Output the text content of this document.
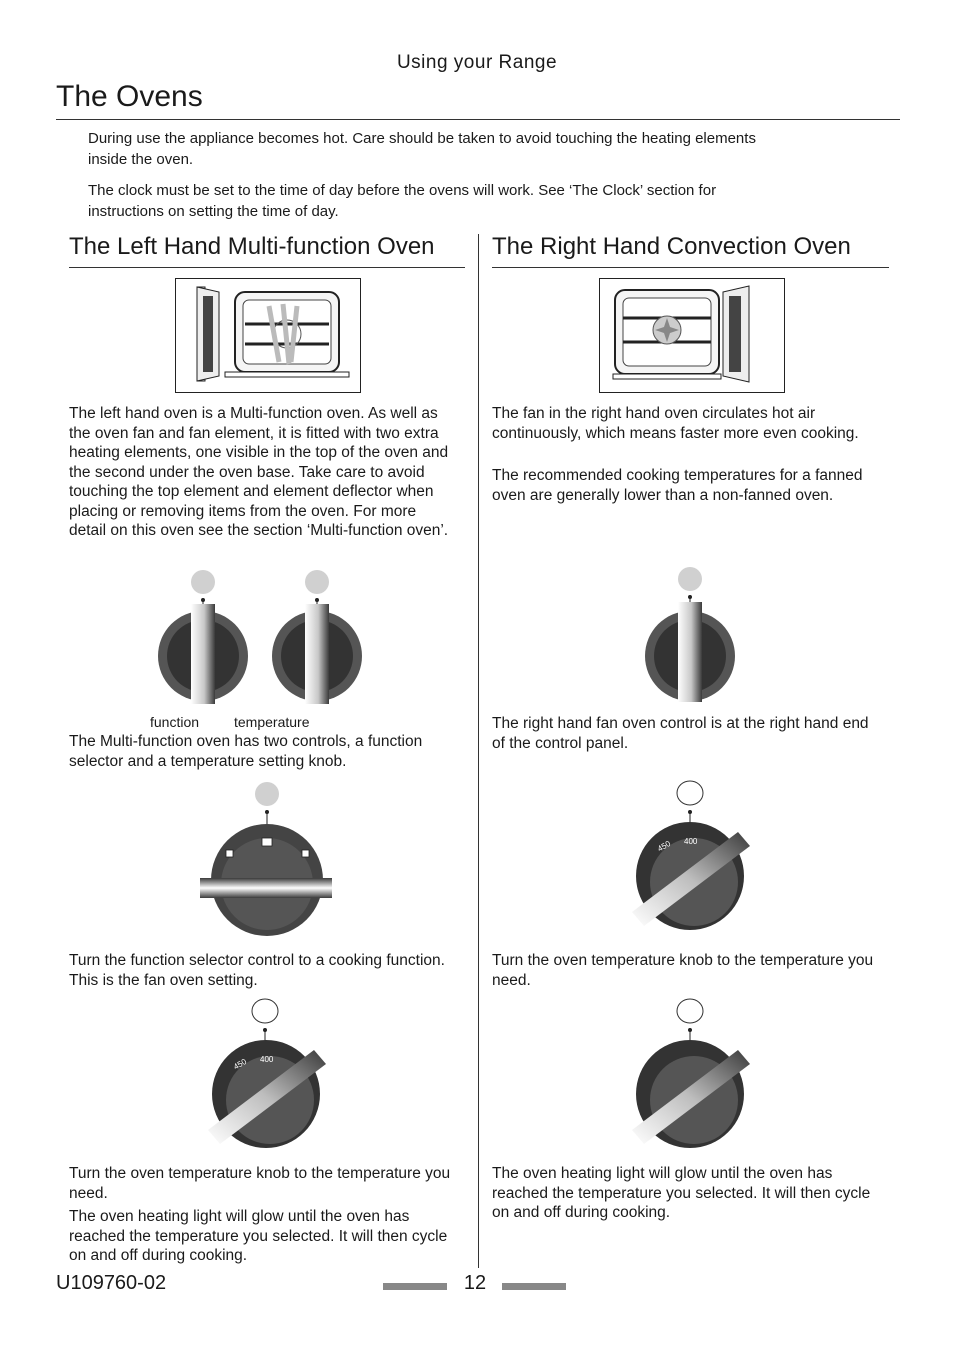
Using your Range
The Ovens
During use the appliance becomes hot. Care should be taken to avoid touching the heating elements inside the oven.
The clock must be set to the time of day before the ovens will work. See ‘The Clock’ section for instructions on setting the time of day.
The Left Hand Multi-function Oven The Right Hand Convection Oven
The left hand oven is a Multi-function oven. As well as the oven fan and fan element, it is fitted with two extra heating elements, one visible in the top of the oven and the second under the oven base. Take care to avoid touching the top element and element deflector when placing or removing items from the oven. For more detail on this oven see the section ‘Multi-function oven’.
function temperature
The Multi-function oven has two controls, a function selector and a temperature setting knob.
Turn the function selector control to a cooking function. This is the fan oven setting.
450 400
Turn the oven temperature knob to the temperature you need.
The oven heating light will glow until the oven has reached the temperature you selected. It will then cycle on and off during cooking.
The fan in the right hand oven circulates hot air continuously, which means faster more even cooking.
The recommended cooking temperatures for a fanned oven are generally lower than a non-fanned oven.
The right hand fan oven control is at the right hand end of the control panel.
450 400
Turn the oven temperature knob to the temperature you need.
The oven heating light will glow until the oven has reached the temperature you selected. It will then cycle on and off during cooking.
U109760-02	12
